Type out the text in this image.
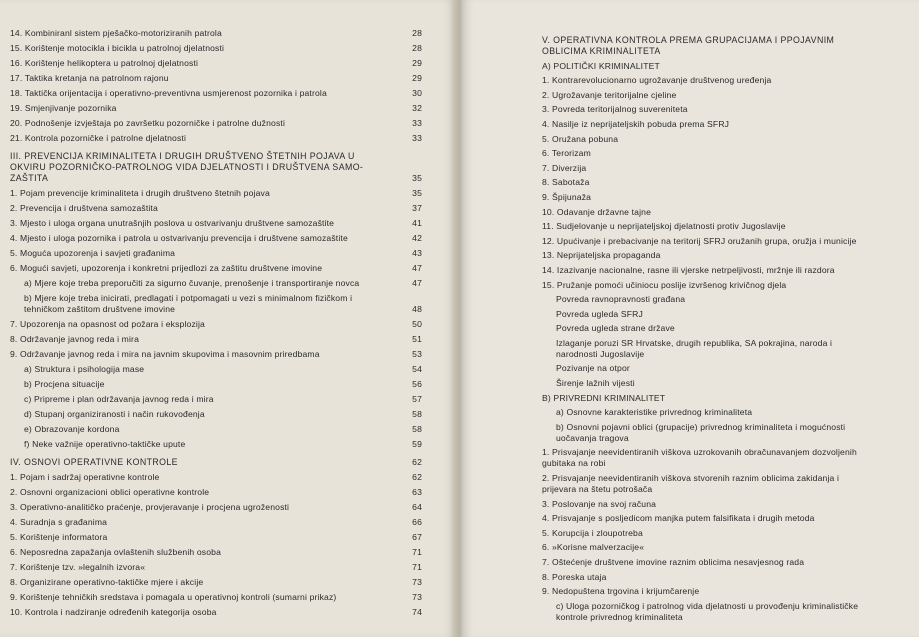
14. Kombiniranl sistem pješačko-motoriziranih patrola	28
15. Korištenje motocikla i bicikla u patrolnoj djelatnosti	28
16. Korištenje helikoptera u patrolnoj djelatnosti	29
17. Taktika kretanja na patrolnom rajonu	29
18. Taktička orijentacija i operativno-preventivna usmjerenost pozornika i patrola	30
19. Smjenjivanje pozornika	32
20. Podnošenje izvještaja po završetku pozorničke i patrolne dužnosti	33
21. Kontrola pozorničke i patrolne djelatnosti	33
III. PREVENCIJA KRIMINALITETA I DRUGIH DRUŠTVENO ŠTETNIH POJAVA U OKVIRU POZORNIČKO-PATROLNOG VIDA DJELATNOSTI I DRUŠTVENA SAMO-ZAŠTITA	35
1. Pojam prevencije kriminaliteta i drugih društveno štetnih pojava	35
2. Prevencija i društvena samozaštita	37
3. Mjesto i uloga organa unutrašnjih poslova u ostvarivanju društvene samozaštite	41
4. Mjesto i uloga pozornika i patrola u ostvarivanju prevencija i društvene samozaštite	42
5. Moguća upozorenja i savjeti građanima	43
6. Mogući savjeti, upozorenja i konkretni prijedlozi za zaštitu društvene imovine	47
a) Mjere koje treba preporučiti za sigurno čuvanje, prenošenje i transportiranje novca	47
b) Mjere koje treba inicirati, predlagati i potpomagati u vezi s minimalnom fizičkom i tehničkom zaštitom društvene imovine	48
7. Upozorenja na opasnost od požara i eksplozija	50
8. Održavanje javnog reda i mira	51
9. Održavanje javnog reda i mira na javnim skupovima i masovnim priredbama	53
a) Struktura i psihologija mase	54
b) Procjena situacije	56
c) Pripreme i plan održavanja javnog reda i mira	57
d) Stupanj organiziranosti i način rukovođenja	58
e) Obrazovanje kordona	58
f) Neke važnije operativno-taktičke upute	59
IV. OSNOVI OPERATIVNE KONTROLE	62
1. Pojam i sadržaj operativne kontrole	62
2. Osnovni organizacioni oblici operativne kontrole	63
3. Operativno-analitičko praćenje, provjeravanje i procjena ugroženosti	64
4. Suradnja s građanima	66
5. Korištenje informatora	67
6. Neposredna zapažanja ovlaštenih službenih osoba	71
7. Korištenje tzv. »legalnih izvora«	71
8. Organizirane operativno-taktičke mjere i akcije	73
9. Korištenje tehničkih sredstava i pomagala u operativnoj kontroli (sumarni prikaz)	73
10. Kontrola i nadziranje određenih kategorija osoba	74
V. OPERATIVNA KONTROLA PREMA GRUPACIJAMA I PPOJAVNIM OBLICIMA KRIMINALITETA
A) POLITIČKI KRIMINALITET
1. Kontrarevolucionarno ugrožavanje društvenog uređenja
2. Ugrožavanje teritorijalne cjeline
3. Povreda teritorijalnog suvereniteta
4. Nasilje iz neprijateljskih pobuda prema SFRJ
5. Oružana pobuna
6. Terorizam
7. Diverzija
8. Sabotaža
9. Špijunaža
10. Odavanje državne tajne
11. Sudjelovanje u neprijateljskoj djelatnosti protiv Jugoslavije
12. Upućivanje i prebacivanje na teritorij SFRJ oružanih grupa, oružja i municije
13. Neprijateljska propaganda
14. Izazivanje nacionalne, rasne ili vjerske netrpeljivosti, mržnje ili razdora
15. Pružanje pomoći učiniocu poslije izvršenog krivičnog djela
Povreda ravnopravnosti građana
Povreda ugleda SFRJ
Povreda ugleda strane države
Izlaganje poruzi SR Hrvatske, drugih republika, SA pokrajina, naroda i narodnosti Jugoslavije
Pozivanje na otpor
Širenje lažnih vijesti
B) PRIVREDNI KRIMINALITET
a) Osnovne karakteristike privrednog kriminaliteta
b) Osnovni pojavni oblici (grupacije) privrednog kriminaliteta i mogućnosti uočavanja tragova
1. Prisvajanje neevidentiranih viškova uzrokovanih obračunavanjem dozvoljenih gubitaka na robi
2. Prisvajanje neevidentiranih viškova stvorenih raznim oblicima zakidanja i prijevara na štetu potrošača
3. Poslovanje na svoj računa
4. Prisvajanje s posljedicom manjka putem falsifikata i drugih metoda
5. Korupcija i zloupotreba
6. »Korisne malverzacije«
7. Oštećenje društvene imovine raznim oblicima nesavjesnog rada
8. Poreska utaja
9. Nedopuštena trgovina i krijumčarenje
c) Uloga pozorničkog i patrolnog vida djelatnosti u provođenju kriminalističke kontrole privrednog kriminaliteta
